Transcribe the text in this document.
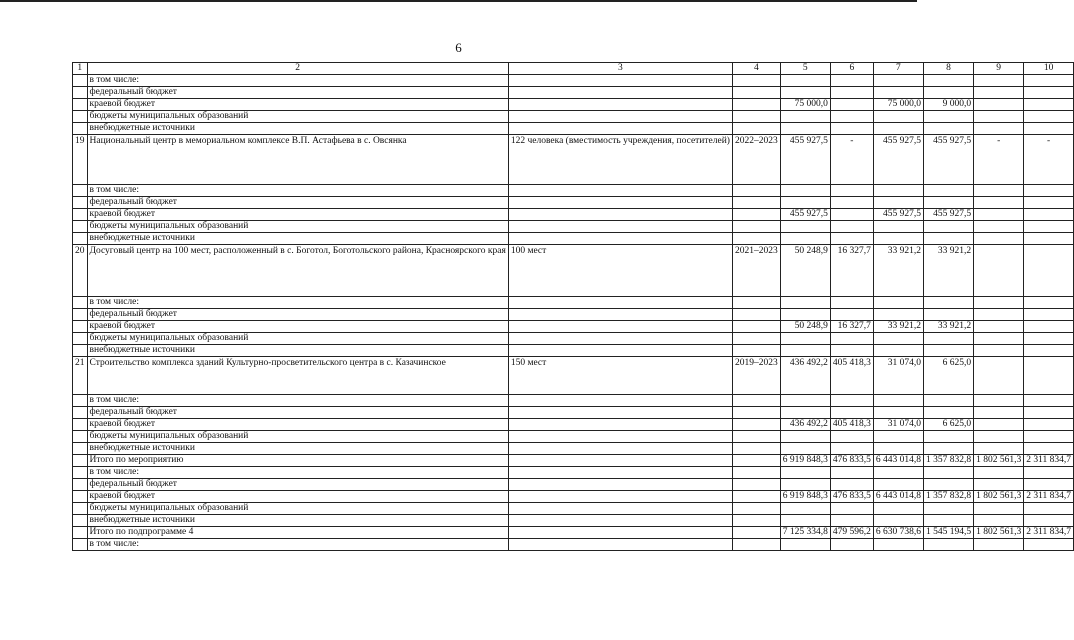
6
1	2	3	4	5	6	7	8	9	10
	в том числе:								
	федеральный бюджет								
	краевой бюджет			75 000,0		75 000,0	9 000,0		
	бюджеты муниципальных образований								
	внебюджетные источники								
19	Национальный центр в мемориальном комплексе В.П. Астафьева в с. Овсянка	122 человека (вместимость учреждения, посетителей)	2022–2023	455 927,5	-	455 927,5	455 927,5	-	-
	в том числе:								
	федеральный бюджет								
	краевой бюджет			455 927,5		455 927,5	455 927,5		
	бюджеты муниципальных образований								
	внебюджетные источники								
20	Досуговый центр на 100 мест, расположенный в с. Боготол, Боготольского района, Красноярского края	100 мест	2021–2023	50 248,9	16 327,7	33 921,2	33 921,2		
	в том числе:								
	федеральный бюджет								
	краевой бюджет			50 248,9	16 327,7	33 921,2	33 921,2		
	бюджеты муниципальных образований								
	внебюджетные источники								
21	Строительство комплекса зданий Культурно-просветительского центра в с. Казачинское	150 мест	2019–2023	436 492,2	405 418,3	31 074,0	6 625,0		
	в том числе:								
	федеральный бюджет								
	краевой бюджет			436 492,2	405 418,3	31 074,0	6 625,0		
	бюджеты муниципальных образований								
	внебюджетные источники								
	Итого по мероприятию			6 919 848,3	476 833,5	6 443 014,8	1 357 832,8	1 802 561,3	2 311 834,7
	в том числе:								
	федеральный бюджет								
	краевой бюджет			6 919 848,3	476 833,5	6 443 014,8	1 357 832,8	1 802 561,3	2 311 834,7
	бюджеты муниципальных образований								
	внебюджетные источники								
	Итого по подпрограмме 4			7 125 334,8	479 596,2	6 630 738,6	1 545 194,5	1 802 561,3	2 311 834,7
	в том числе:								
